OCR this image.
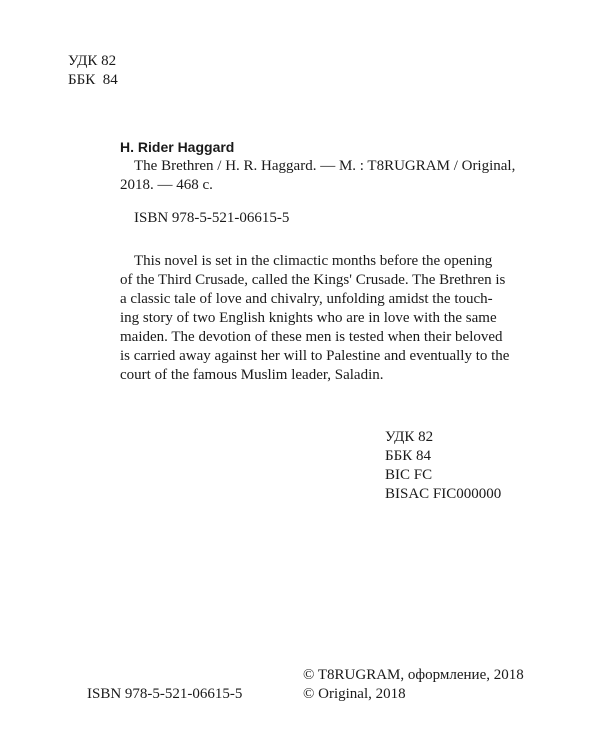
УДК 82
ББК  84
H. Rider Haggard
The Brethren / H. R. Haggard. — M. : T8RUGRAM / Original,
2018. — 468 c.
ISBN 978-5-521-06615-5

This novel is set in the climactic months before the opening

of the Third Crusade, called the Kings' Crusade. The Brethren is

a classic tale of love and chivalry, unfolding amidst the touch-

ing story of two English knights who are in love with the same

maiden. The devotion of these men is tested when their beloved

is carried away against her will to Palestine and eventually to the

court of the famous Muslim leader, Saladin.

УДК 82
ББК 84
BIC FC
BISAC FIC000000
ISBN 978-5-521-06615-5
© T8RUGRAM, оформление, 2018
© Original, 2018
